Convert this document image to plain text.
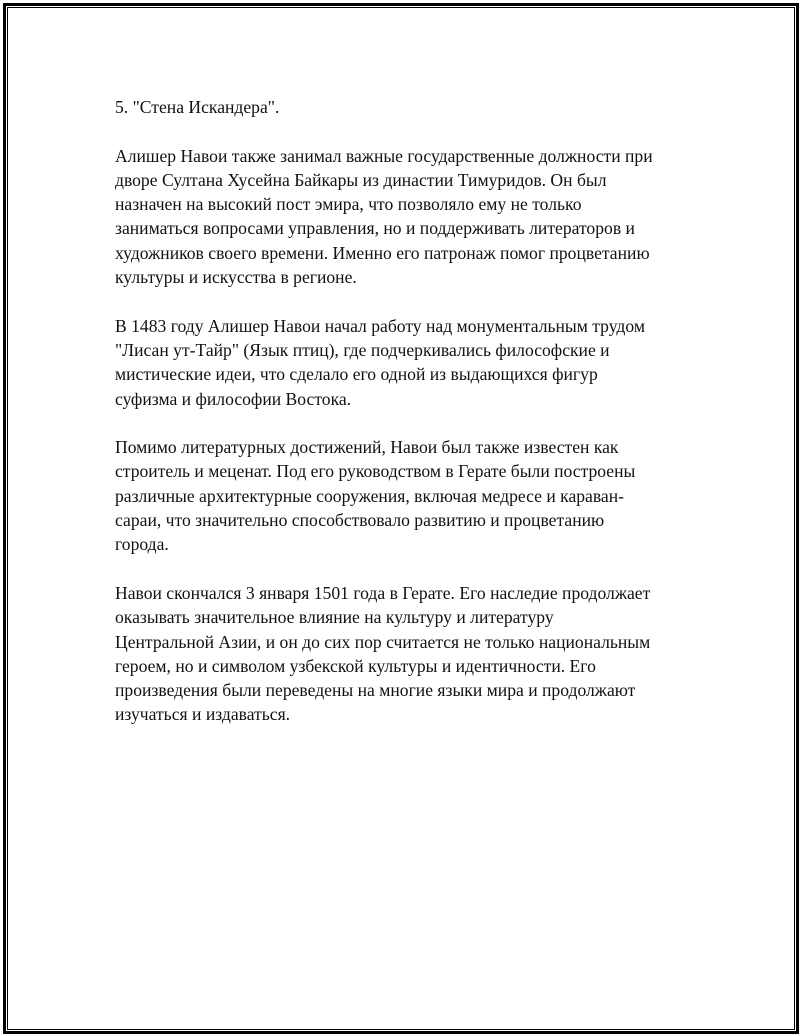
5. "Стена Искандера".

Алишер Навои также занимал важные государственные должности при
дворе Султана Хусейна Байкары из династии Тимуридов. Он был
назначен на высокий пост эмира, что позволяло ему не только
заниматься вопросами управления, но и поддерживать литераторов и
художников своего времени. Именно его патронаж помог процветанию
культуры и искусства в регионе.

В 1483 году Алишер Навои начал работу над монументальным трудом
"Лисан ут-Тайр" (Язык птиц), где подчеркивались философские и
мистические идеи, что сделало его одной из выдающихся фигур
суфизма и философии Востока.

Помимо литературных достижений, Навои был также известен как
строитель и меценат. Под его руководством в Герате были построены
различные архитектурные сооружения, включая медресе и караван-
сараи, что значительно способствовало развитию и процветанию
города.

Навои скончался 3 января 1501 года в Герате. Его наследие продолжает
оказывать значительное влияние на культуру и литературу
Центральной Азии, и он до сих пор считается не только национальным
героем, но и символом узбекской культуры и идентичности. Его
произведения были переведены на многие языки мира и продолжают
изучаться и издаваться.
